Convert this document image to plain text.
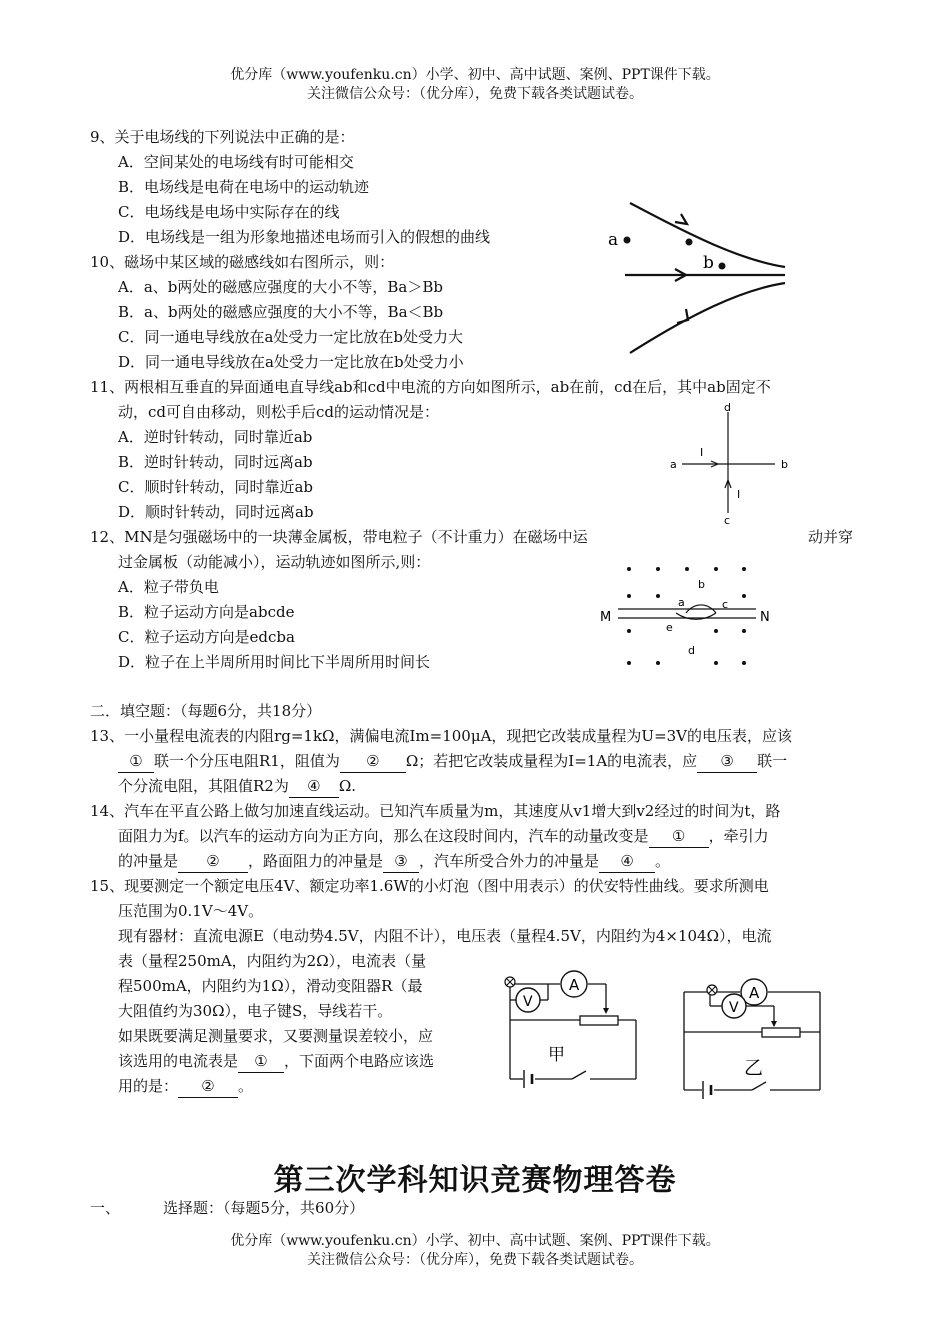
优分库（www.youfenku.cn）小学、初中、高中试题、案例、PPT课件下载。
关注微信公众号：（优分库），免费下载各类试题试卷。
9、关于电场线的下列说法中正确的是：
A．空间某处的电场线有时可能相交
B．电场线是电荷在电场中的运动轨迹
C．电场线是电场中实际存在的线
D．电场线是一组为形象地描述电场而引入的假想的曲线
10、磁场中某区域的磁感线如右图所示，则：
A．a、b两处的磁感应强度的大小不等，Ba＞Bb
B．a、b两处的磁感应强度的大小不等，Ba＜Bb
C．同一通电导线放在a处受力一定比放在b处受力大
D．同一通电导线放在a处受力一定比放在b处受力小
a
b
11、两根相互垂直的异面通电直导线ab和cd中电流的方向如图所示，ab在前，cd在后，其中ab固定不
动，cd可自由移动，则松手后cd的运动情况是：
A．逆时针转动，同时靠近ab
B．逆时针转动，同时远离ab
C．顺时针转动，同时靠近ab
D．顺时针转动，同时远离ab
a	b
c
d
I
I
12、MN是匀强磁场中的一块薄金属板，带电粒子（不计重力）在磁场中运	动并穿
过金属板（动能减小），运动轨迹如图所示,则：
A．粒子带负电
B．粒子运动方向是abcde
C．粒子运动方向是edcba
D．粒子在上半周所用时间比下半周所用时间长
M	N
a
b
c
d
e
二．填空题：（每题6分，共18分）
13、一小量程电流表的内阻rg=1kΩ，满偏电流Im=100μA，现把它改装成量程为U=3V的电压表，应该
① 联一个分压电阻R1，阻值为 ② Ω；若把它改装成量程为I=1A的电流表，应 ③ 联一
个分流电阻，其阻值R2为 ④ Ω.
14、汽车在平直公路上做匀加速直线运动。已知汽车质量为m，其速度从v1增大到v2经过的时间为t，路
面阻力为f。以汽车的运动方向为正方向，那么在这段时间内，汽车的动量改变是 ① ，牵引力
的冲量是 ② ，路面阻力的冲量是 ③ ，汽车所受合外力的冲量是 ④ 。
15、现要测定一个额定电压4V、额定功率1.6W的小灯泡（图中用表示）的伏安特性曲线。要求所测电
压范围为0.1V～4V。
现有器材：直流电源E（电动势4.5V，内阻不计），电压表（量程4.5V，内阻约为4×104Ω），电流
表（量程250mA，内阻约为2Ω），电流表（量
程500mA，内阻约为1Ω），滑动变阻器R（最
大阻值约为30Ω），电子键S，导线若干。
如果既要满足测量要求，又要测量误差较小，应
该选用的电流表是 ① ，下面两个电路应该选
用的是： ② 。
A
V
甲
A
V
乙
第三次学科知识竞赛物理答卷
一、	选择题：（每题5分，共60分）
优分库（www.youfenku.cn）小学、初中、高中试题、案例、PPT课件下载。
关注微信公众号：（优分库），免费下载各类试题试卷。
